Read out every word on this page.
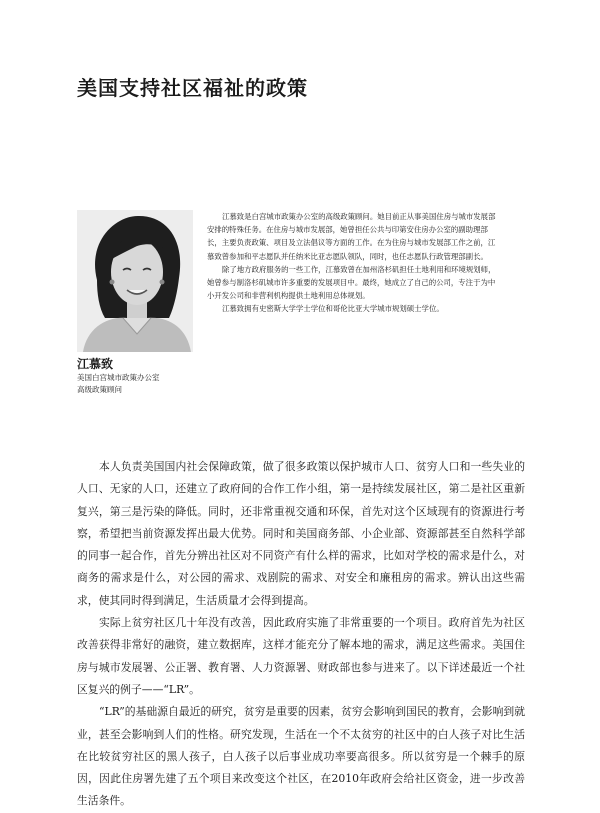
美国支持社区福祉的政策

江慕致是白宫城市政策办公室的高级政策顾问。她目前正从事美国住房与城市发展部安排的特殊任务。在住房与城市发展部，她曾担任公共与印第安住房办公室的副助理部长，主要负责政策、项目及立法倡议等方面的工作。在为住房与城市发展部工作之前，江慕致曾参加和平志愿队并任纳米比亚志愿队领队，同时，也任志愿队行政管理部副长。

除了地方政府服务的一些工作，江慕致曾在加州洛杉矶担任土地利用和环境规划师，她曾参与制洛杉矶城市许多重要的发展项目中。最终，她成立了自己的公司，专注于为中小开发公司和非营利机构提供土地利用总体规划。

江慕致拥有史密斯大学学士学位和哥伦比亚大学城市规划硕士学位。

江慕致
美国白宫城市政策办公室
高级政策顾问

本人负责美国国内社会保障政策，做了很多政策以保护城市人口、贫穷人口和一些失业的人口、无家的人口，还建立了政府间的合作工作小组，第一是持续发展社区，第二是社区重新复兴，第三是污染的降低。同时，还非常重视交通和环保，首先对这个区域现有的资源进行考察，希望把当前资源发挥出最大优势。同时和美国商务部、小企业部、资源部甚至自然科学部的同事一起合作，首先分辨出社区对不同资产有什么样的需求，比如对学校的需求是什么，对商务的需求是什么，对公园的需求、戏剧院的需求、对安全和廉租房的需求。辨认出这些需求，使其同时得到满足，生活质量才会得到提高。

实际上贫穷社区几十年没有改善，因此政府实施了非常重要的一个项目。政府首先为社区改善获得非常好的融资，建立数据库，这样才能充分了解本地的需求，满足这些需求。美国住房与城市发展署、公正署、教育署、人力资源署、财政部也参与进来了。以下详述最近一个社区复兴的例子——“LR”。

“LR”的基础源自最近的研究，贫穷是重要的因素，贫穷会影响到国民的教育，会影响到就业，甚至会影响到人们的性格。研究发现，生活在一个不太贫穷的社区中的白人孩子对比生活在比较贫穷社区的黑人孩子，白人孩子以后事业成功率要高很多。所以贫穷是一个棘手的原因，因此住房署先建了五个项目来改变这个社区，在2010年政府会给社区资金，进一步改善生活条件。
